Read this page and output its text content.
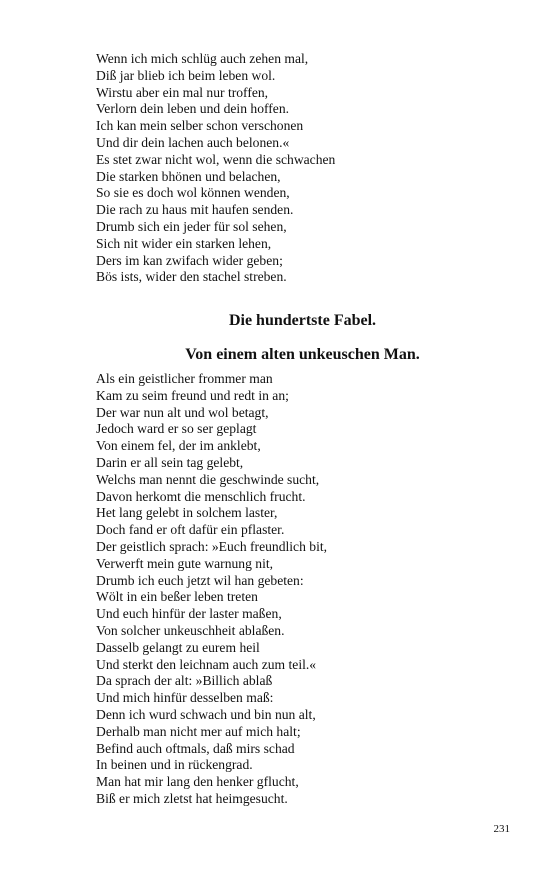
Wenn ich mich schlüg auch zehen mal,
Diß jar blieb ich beim leben wol.
Wirstu aber ein mal nur troffen,
Verlorn dein leben und dein hoffen.
Ich kan mein selber schon verschonen
Und dir dein lachen auch belonen.«
Es stet zwar nicht wol, wenn die schwachen
Die starken bhönen und belachen,
So sie es doch wol können wenden,
Die rach zu haus mit haufen senden.
Drumb sich ein jeder für sol sehen,
Sich nit wider ein starken lehen,
Ders im kan zwifach wider geben;
Bös ists, wider den stachel streben.
Die hundertste Fabel.
Von einem alten unkeuschen Man.
Als ein geistlicher frommer man
Kam zu seim freund und redt in an;
Der war nun alt und wol betagt,
Jedoch ward er so ser geplagt
Von einem fel, der im anklebt,
Darin er all sein tag gelebt,
Welchs man nennt die geschwinde sucht,
Davon herkomt die menschlich frucht.
Het lang gelebt in solchem laster,
Doch fand er oft dafür ein pflaster.
Der geistlich sprach: »Euch freundlich bit,
Verwerft mein gute warnung nit,
Drumb ich euch jetzt wil han gebeten:
Wölt in ein beßer leben treten
Und euch hinfür der laster maßen,
Von solcher unkeuschheit ablaßen.
Dasselb gelangt zu eurem heil
Und sterkt den leichnam auch zum teil.«
Da sprach der alt: »Billich ablaß
Und mich hinfür desselben maß:
Denn ich wurd schwach und bin nun alt,
Derhalb man nicht mer auf mich halt;
Befind auch oftmals, daß mirs schad
In beinen und in rückengrad.
Man hat mir lang den henker gflucht,
Biß er mich zletst hat heimgesucht.
231
